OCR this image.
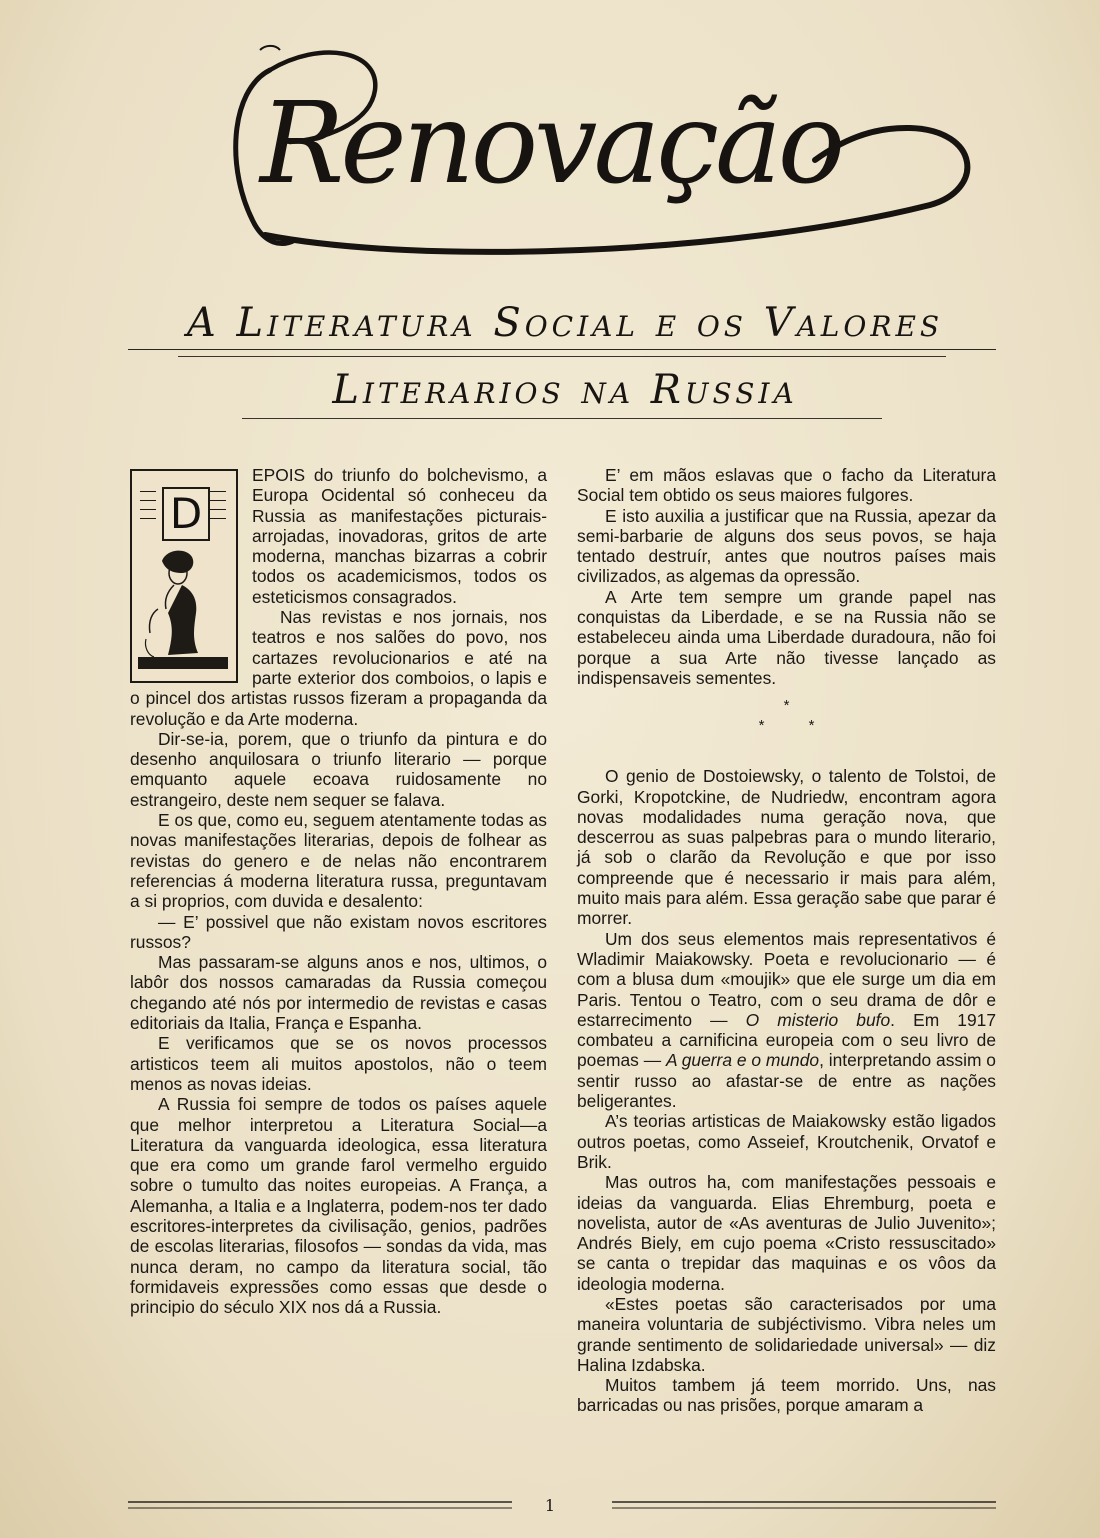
Renovação
A Literatura Social e os Valores
Literarios na Russia
D

EPOIS do triunfo do bolchevismo, a Europa Ocidental só conheceu da Russia as manifestações picturais-arrojadas, inovadoras, gritos de arte moderna, manchas bizarras a cobrir todos os academicismos, todos os esteticismos consagrados.

Nas revistas e nos jornais, nos teatros e nos salões do povo, nos cartazes revolucionarios e até na parte exterior dos comboios, o lapis e o pincel dos artistas russos fizeram a propaganda da revolução e da Arte moderna.

Dir-se-ia, porem, que o triunfo da pintura e do desenho anquilosara o triunfo literario — porque emquanto aquele ecoava ruidosamente no estrangeiro, deste nem sequer se falava.

E os que, como eu, seguem atentamente todas as novas manifestações literarias, depois de folhear as revistas do genero e de nelas não encontrarem referencias á moderna literatura russa, preguntavam a si proprios, com duvida e desalento:

— E’ possivel que não existam novos escritores russos?

Mas passaram-se alguns anos e nos, ultimos, o labôr dos nossos camaradas da Russia começou chegando até nós por intermedio de revistas e casas editoriais da Italia, França e Espanha.

E verificamos que se os novos processos artisticos teem ali muitos apostolos, não o teem menos as novas ideias.

A Russia foi sempre de todos os países aquele que melhor interpretou a Literatura Social—a Literatura da vanguarda ideologica, essa literatura que era como um grande farol vermelho erguido sobre o tumulto das noites europeias. A França, a Alemanha, a Italia e a Inglaterra, podem-nos ter dado escritores-interpretes da civilisação, genios, padrões de escolas literarias, filosofos — sondas da vida, mas nunca deram, no campo da literatura social, tão formidaveis expressões como essas que desde o principio do século XIX nos dá a Russia.

E’ em mãos eslavas que o facho da Literatura Social tem obtido os seus maiores fulgores.

E isto auxilia a justificar que na Russia, apezar da semi-barbarie de alguns dos seus povos, se haja tentado destruír, antes que noutros países mais civilizados, as algemas da opressão.

A Arte tem sempre um grande papel nas conquistas da Liberdade, e se na Russia não se estabeleceu ainda uma Liberdade duradoura, não foi porque a sua Arte não tivesse lançado as indispensaveis sementes.

*
* *

O genio de Dostoiewsky, o talento de Tolstoi, de Gorki, Kropotckine, de Nudriedw, encontram agora novas modalidades numa geração nova, que descerrou as suas palpebras para o mundo literario, já sob o clarão da Revolução e que por isso compreende que é necessario ir mais para além, muito mais para além. Essa geração sabe que parar é morrer.

Um dos seus elementos mais representativos é Wladimir Maiakowsky. Poeta e revolucionario — é com a blusa dum «moujik» que ele surge um dia em Paris. Tentou o Teatro, com o seu drama de dôr e estarrecimento — O misterio bufo. Em 1917 combateu a carnificina europeia com o seu livro de poemas — A guerra e o mundo, interpretando assim o sentir russo ao afastar-se de entre as nações beligerantes.

A’s teorias artisticas de Maiakowsky estão ligados outros poetas, como Asseief, Kroutchenik, Orvatof e Brik.

Mas outros ha, com manifestações pessoais e ideias da vanguarda. Elias Ehremburg, poeta e novelista, autor de «As aventuras de Julio Juvenito»; Andrés Biely, em cujo poema «Cristo ressuscitado» se canta o trepidar das maquinas e os vôos da ideologia moderna.

«Estes poetas são caracterisados por uma maneira voluntaria de subjéctivismo. Vibra neles um grande sentimento de solidariedade universal» — diz Halina Izdabska.

Muitos tambem já teem morrido. Uns, nas barricadas ou nas prisões, porque amaram a

1
